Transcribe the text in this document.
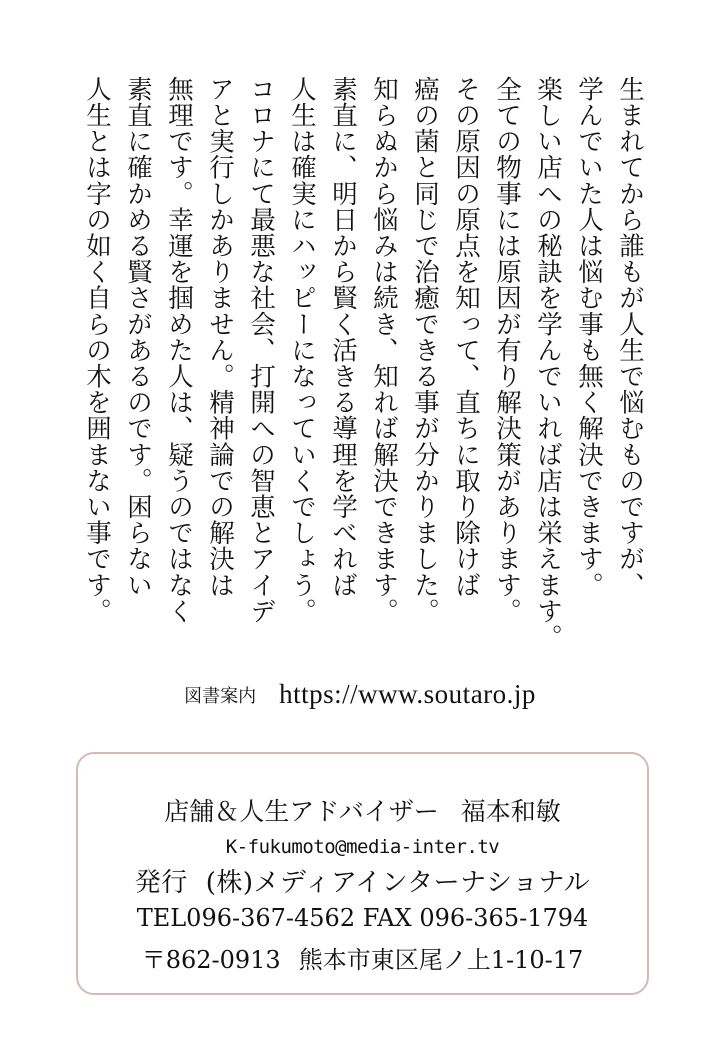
生まれてから誰もが人生で悩むものですが、
学んでいた人は悩む事も無く解決できます。
楽しい店への秘訣を学んでいれば店は栄えます。
全ての物事には原因が有り解決策があります。
その原因の原点を知って、直ちに取り除けば
癌の菌と同じで治癒できる事が分かりました。
知らぬから悩みは続き、知れば解決できます。
素直に、明日から賢く活きる導理を学べれば
人生は確実にハッピーになっていくでしょう。
コロナにて最悪な社会、打開への智恵とアイデ
アと実行しかありません。精神論での解決は
無理です。幸運を掴めた人は、疑うのではなく
素直に確かめる賢さがあるのです。困らない
人生とは字の如く自らの木を囲まない事です。
図書案内 https://www.soutaro.jp
店舗＆人生アドバイザー 福本和敏
K-fukumoto@media-inter.tv
発行 (株)メディアインターナショナル
TEL096-367-4562 FAX 096-365-1794
〒862-0913 熊本市東区尾ノ上1-10-17
